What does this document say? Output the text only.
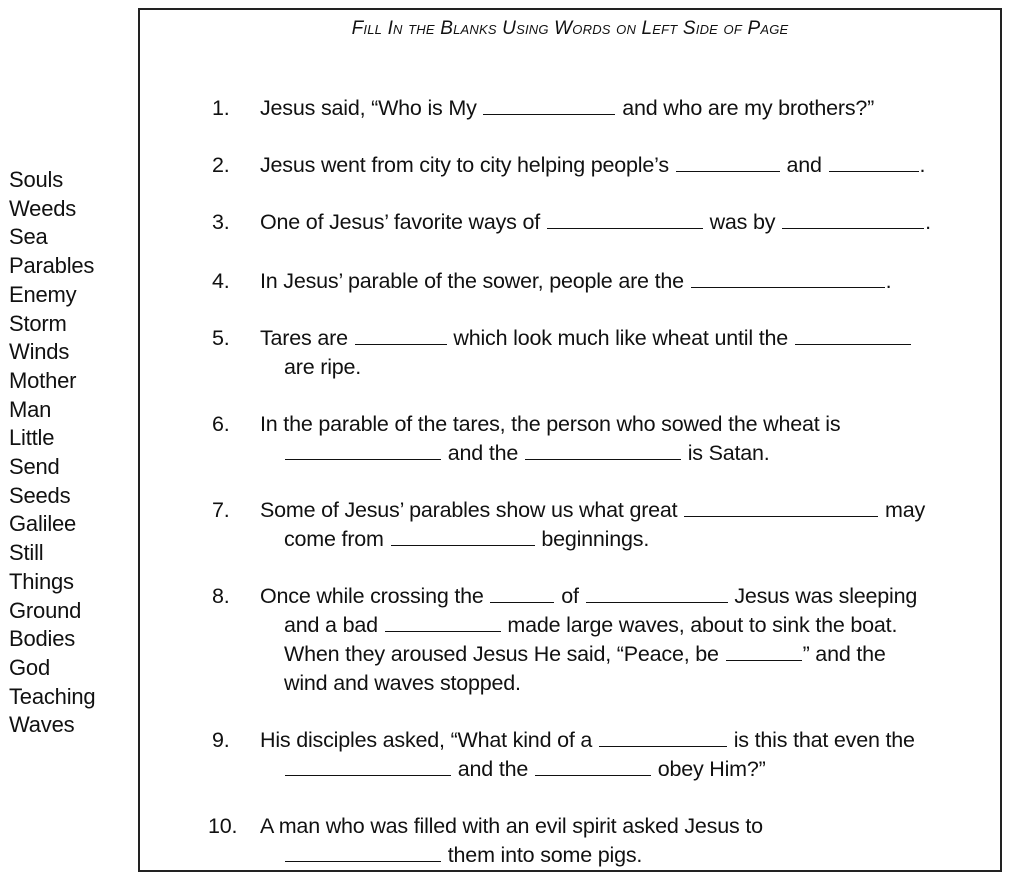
Souls
Weeds
Sea
Parables
Enemy
Storm
Winds
Mother
Man
Little
Send
Seeds
Galilee
Still
Things
Ground
Bodies
God
Teaching
Waves
Fill In the Blanks Using Words on Left Side of Page
1. Jesus said, “Who is My	and who are my brothers?”
2. Jesus went from city to city helping people’s	and	.
3. One of Jesus’ favorite ways of	was by	.
4. In Jesus’ parable of the sower, people are the	.
5. Tares are	which look much like wheat until the
are ripe.
6. In the parable of the tares, the person who sowed the wheat is
and the	is Satan.
7. Some of Jesus’ parables show us what great	may
come from	beginnings.
8. Once while crossing the	of	Jesus was sleeping
and a bad	made large waves, about to sink the boat.
When they aroused Jesus He said, “Peace, be	” and the
wind and waves stopped.
9. His disciples asked, “What kind of a	is this that even the
and the	obey Him?”
10. A man who was filled with an evil spirit asked Jesus to
them into some pigs.
